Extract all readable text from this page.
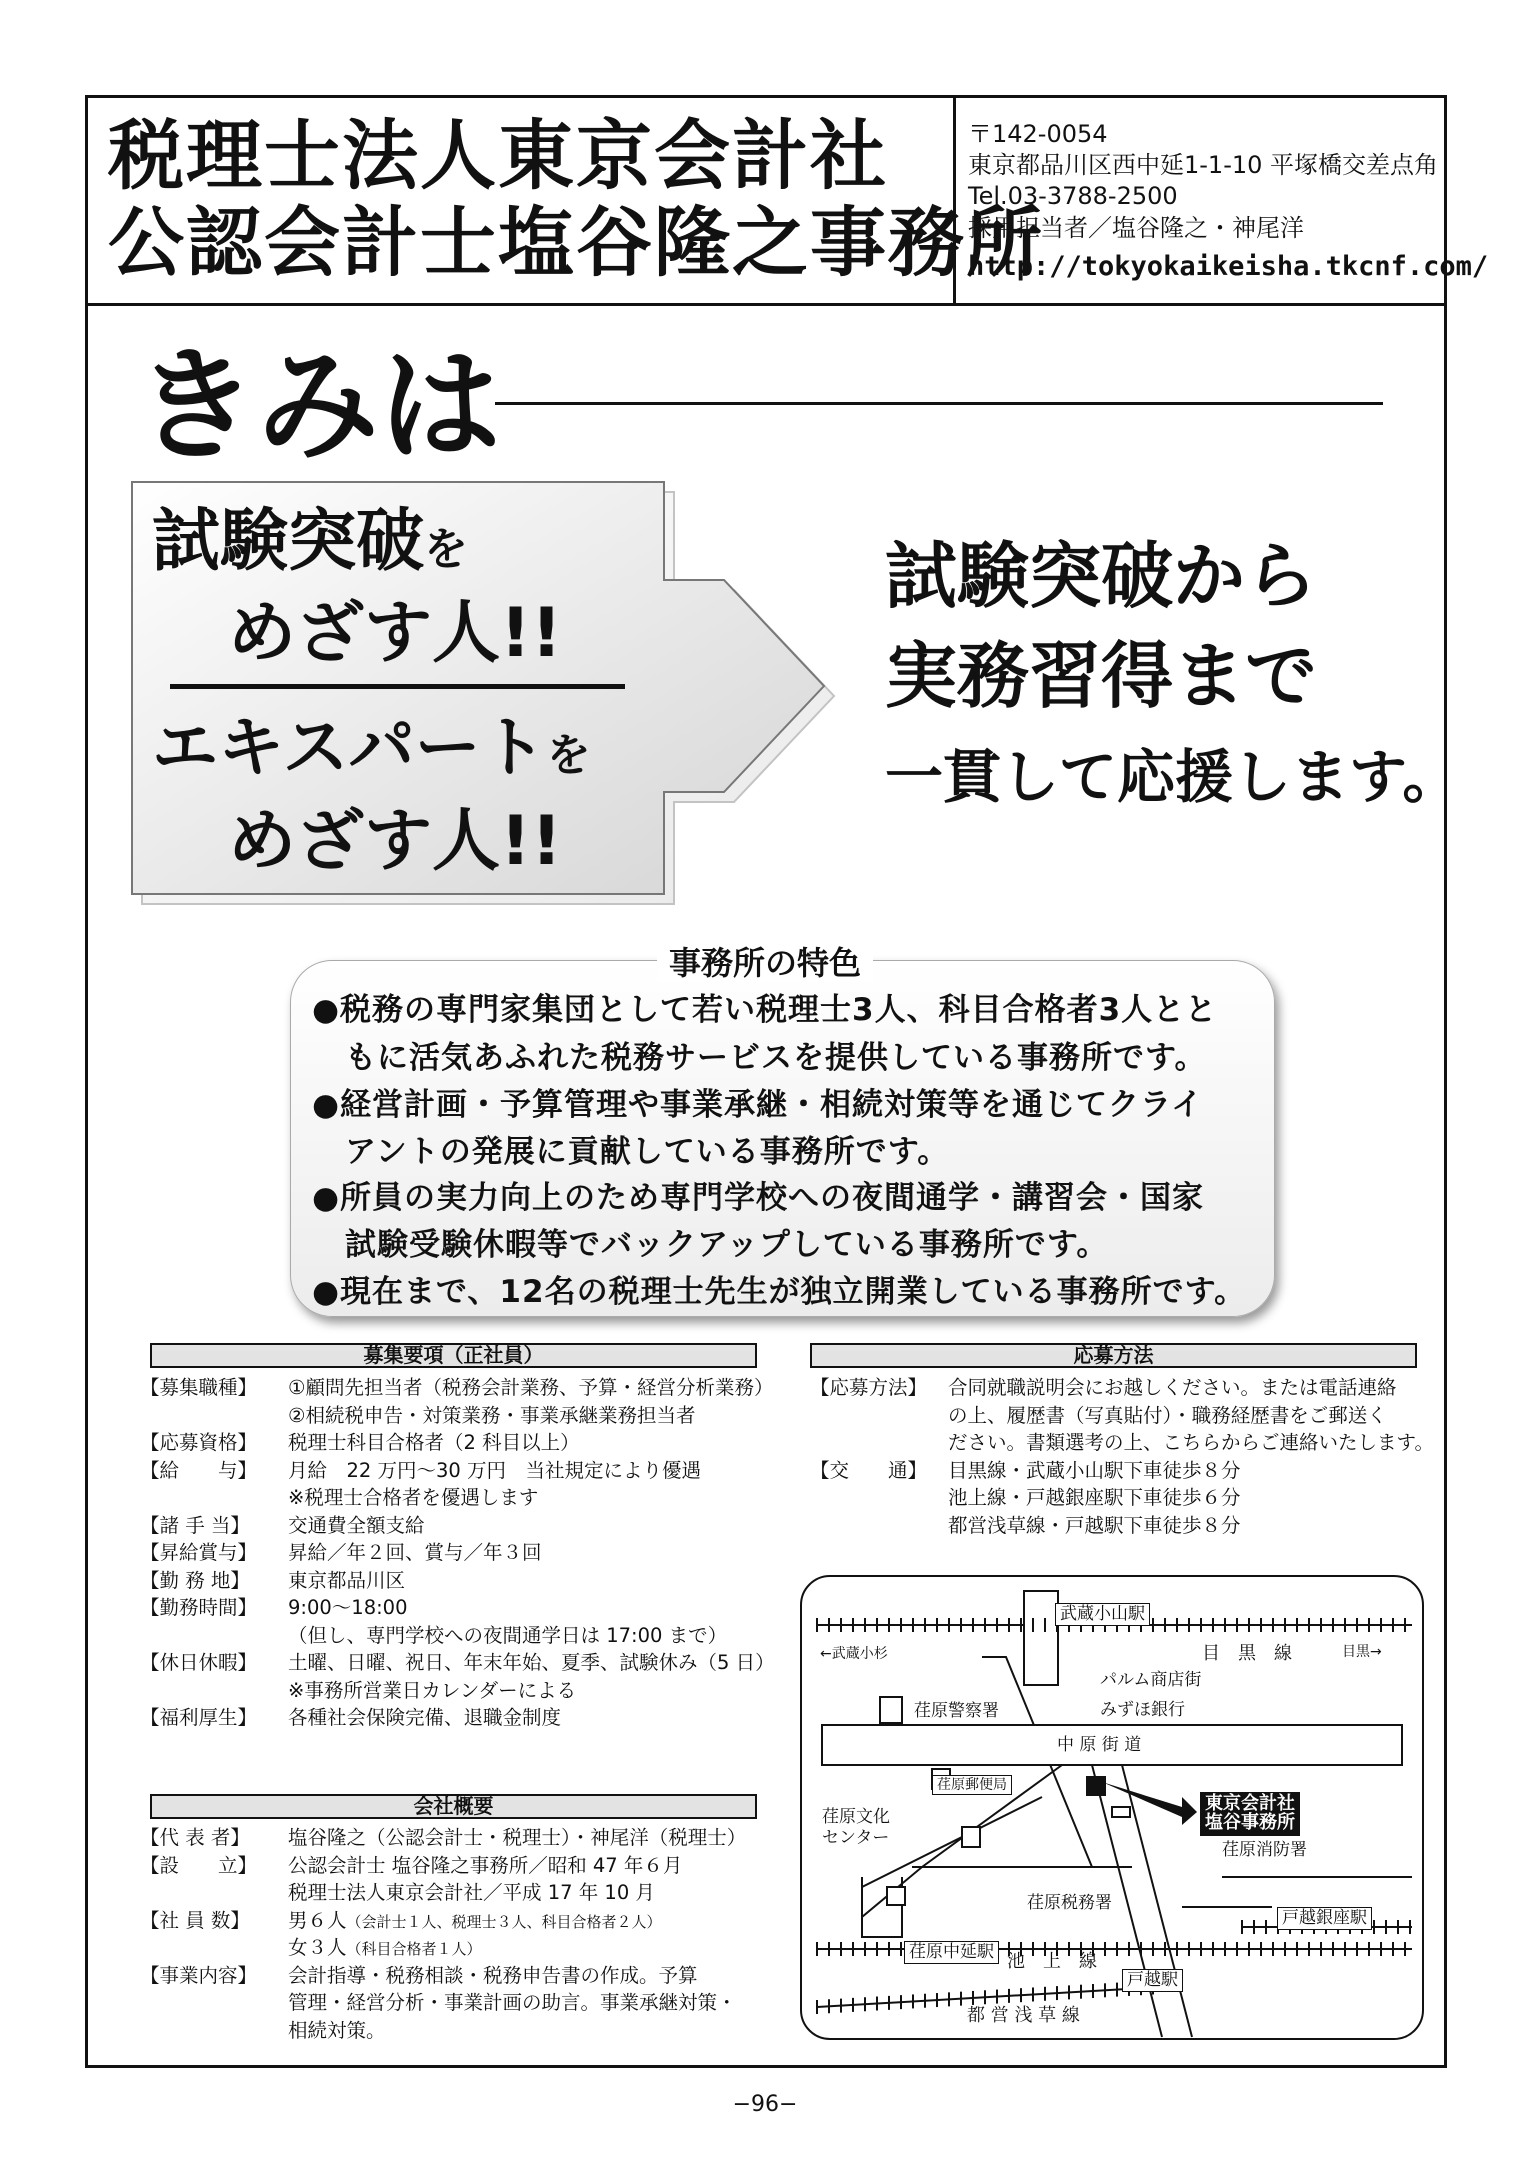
税理士法人東京会計社
公認会計士塩谷隆之事務所
〒142-0054
東京都品川区西中延1-1-10 平塚橋交差点角
Tel.03-3788-2500
採用担当者／塩谷隆之・神尾洋
http://tokyokaikeisha.tkcnf.com/
きみは
試験突破を
めざす人!!
エキスパートを
めざす人!!
試験突破から
実務習得まで
一貫して応援します。
事務所の特色
●税務の専門家集団として若い税理士3人、科目合格者3人とと
もに活気あふれた税務サービスを提供している事務所です。
●経営計画・予算管理や事業承継・相続対策等を通じてクライ
アントの発展に貢献している事務所です。
●所員の実力向上のため専門学校への夜間通学・講習会・国家
試験受験休暇等でバックアップしている事務所です。
●現在まで、12名の税理士先生が独立開業している事務所です。
募集要項（正社員）
【募集職種】 ①顧問先担当者（税務会計業務、予算・経営分析業務）
②相続税申告・対策業務・事業承継業務担当者
【応募資格】 税理士科目合格者（2 科目以上）
【給　　与】 月給　22 万円〜30 万円　当社規定により優遇
※税理士合格者を優遇します
【諸 手 当】 交通費全額支給
【昇給賞与】 昇給／年２回、賞与／年３回
【勤 務 地】 東京都品川区
【勤務時間】 9:00〜18:00
（但し、専門学校への夜間通学日は 17:00 まで）
【休日休暇】 土曜、日曜、祝日、年末年始、夏季、試験休み（5 日）
※事務所営業日カレンダーによる
【福利厚生】 各種社会保険完備、退職金制度
会社概要
【代 表 者】 塩谷隆之（公認会計士・税理士）・神尾洋（税理士）
【設　　立】 公認会計士 塩谷隆之事務所／昭和 47 年６月
税理士法人東京会計社／平成 17 年 10 月
【社 員 数】 男６人（会計士１人、税理士３人、科目合格者２人）
女３人（科目合格者１人）
【事業内容】 会計指導・税務相談・税務申告書の作成。予算
管理・経営分析・事業計画の助言。事業承継対策・
相続対策。
応募方法
【応募方法】 合同就職説明会にお越しください。または電話連絡
の上、履歴書（写真貼付）・職務経歴書をご郵送く
ださい。書類選考の上、こちらからご連絡いたします。
【交　　通】 目黒線・武蔵小山駅下車徒歩８分
池上線・戸越銀座駅下車徒歩６分
都営浅草線・戸越駅下車徒歩８分
武蔵小山駅
←武蔵小杉	目　黒　線	目黒→
パルム商店街
みずほ銀行
荏原警察署
中 原 街 道
荏原郵便局
東京会計社
塩谷事務所
荏原文化
センター
荏原消防署
荏原税務署
戸越銀座駅
荏原中延駅 池　上　線
戸越駅
都 営 浅 草 線
−96−
